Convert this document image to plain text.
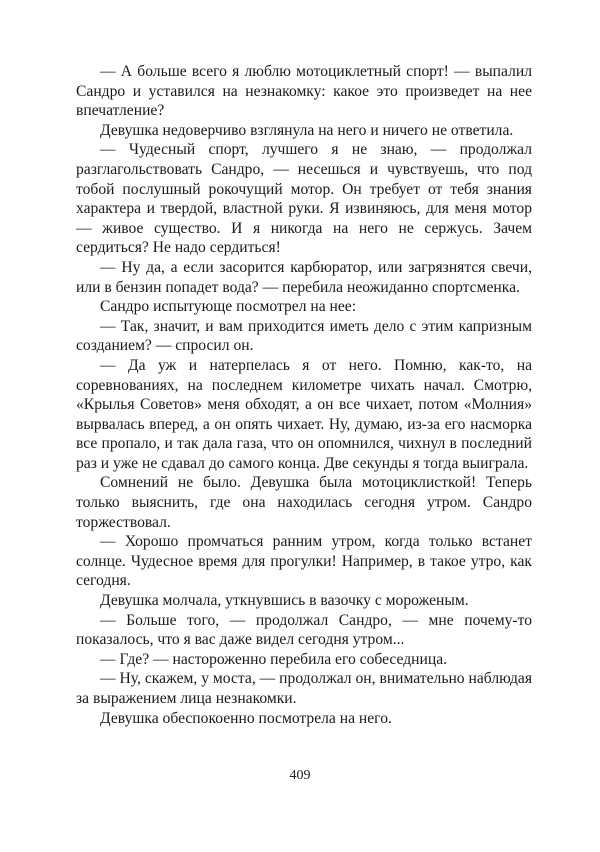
— А больше всего я люблю мотоциклетный спорт! — выпалил Сандро и уставился на незнакомку: какое это произведет на нее впечатление?

Девушка недоверчиво взглянула на него и ничего не ответила.

— Чудесный спорт, лучшего я не знаю, — продолжал разглагольствовать Сандро, — несешься и чувствуешь, что под тобой послушный рокочущий мотор. Он требует от тебя знания характера и твердой, властной руки. Я извиняюсь, для меня мотор — живое существо. И я никогда на него не сержусь. Зачем сердиться? Не надо сердиться!

— Ну да, а если засорится карбюратор, или загрязнятся свечи, или в бензин попадет вода? — перебила неожиданно спортсменка.

Сандро испытующе посмотрел на нее:

— Так, значит, и вам приходится иметь дело с этим капризным созданием? — спросил он.

— Да уж и натерпелась я от него. Помню, как-то, на соревнованиях, на последнем километре чихать начал. Смотрю, «Крылья Советов» меня обходят, а он все чихает, потом «Молния» вырвалась вперед, а он опять чихает. Ну, думаю, из-за его насморка все пропало, и так дала газа, что он опомнился, чихнул в последний раз и уже не сдавал до самого конца. Две секунды я тогда выиграла.

Сомнений не было. Девушка была мотоциклисткой! Теперь только выяснить, где она находилась сегодня утром. Сандро торжествовал.

— Хорошо промчаться ранним утром, когда только встанет солнце. Чудесное время для прогулки! Например, в такое утро, как сегодня.

Девушка молчала, уткнувшись в вазочку с мороженым.

— Больше того, — продолжал Сандро, — мне почему-то показалось, что я вас даже видел сегодня утром...

— Где? — настороженно перебила его собеседница.

— Ну, скажем, у моста, — продолжал он, внимательно наблюдая за выражением лица незнакомки.

Девушка обеспокоенно посмотрела на него.

409
